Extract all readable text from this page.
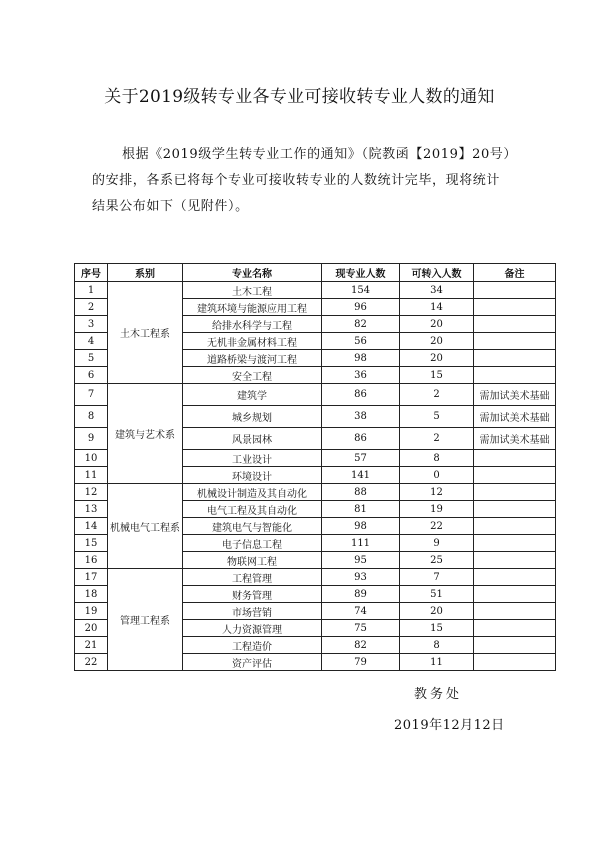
关于2019级转专业各专业可接收转专业人数的通知
根据《2019级学生转专业工作的通知》（院教函【2019】20号）
的安排，各系已将每个专业可接收转专业的人数统计完毕，现将统计
结果公布如下（见附件）。
序号	系别	专业名称	现专业人数	可转入人数	备注
1	土木工程系	土木工程	154	34	
2		建筑环境与能源应用工程	96	14	
3		给排水科学与工程	82	20	
4		无机非金属材料工程	56	20	
5		道路桥梁与渡河工程	98	20	
6		安全工程	36	15	
7	建筑与艺术系	建筑学	86	2	需加试美术基础
8		城乡规划	38	5	需加试美术基础
9		风景园林	86	2	需加试美术基础
10		工业设计	57	8	
11		环境设计	141	0	
12	机械电气工程系	机械设计制造及其自动化	88	12	
13		电气工程及其自动化	81	19	
14		建筑电气与智能化	98	22	
15		电子信息工程	111	9	
16		物联网工程	95	25	
17	管理工程系	工程管理	93	7	
18		财务管理	89	51	
19		市场营销	74	20	
20		人力资源管理	75	15	
21		工程造价	82	8	
22		资产评估	79	11	
教务处
2019年12月12日
